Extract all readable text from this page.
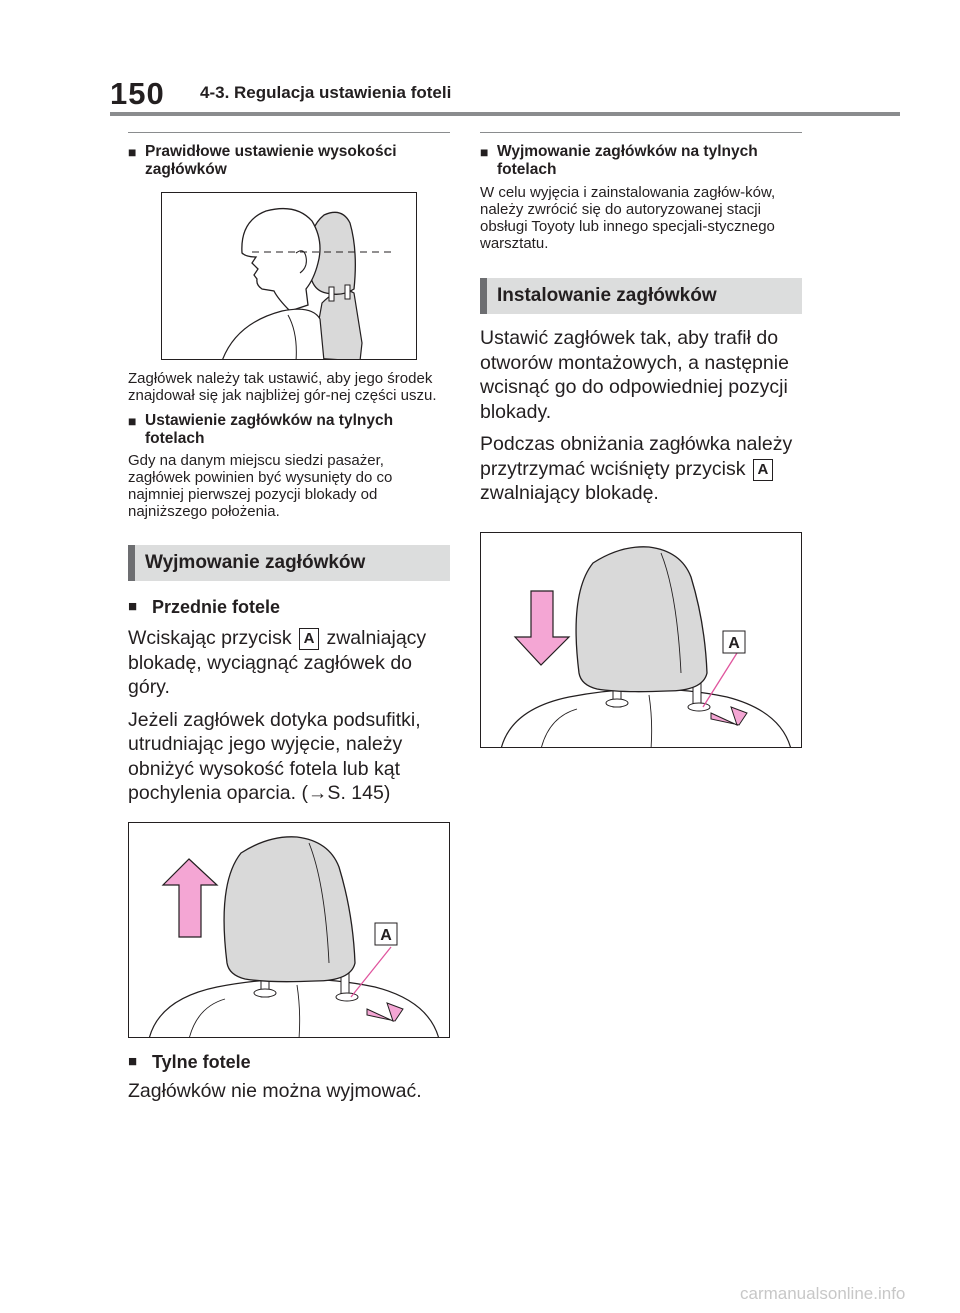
150 4-3. Regulacja ustawienia foteli
■ Prawidłowe ustawienie wysokości zagłówków
Zagłówek należy tak ustawić, aby jego środek znajdował się jak najbliżej gór-nej części uszu.
■ Ustawienie zagłówków na tylnych fotelach
Gdy na danym miejscu siedzi pasażer, zagłówek powinien być wysunięty do co najmniej pierwszej pozycji blokady od najniższego położenia.
Wyjmowanie zagłówków
■ Przednie fotele
Wciskając przycisk A zwalniający blokadę, wyciągnąć zagłówek do góry.
Jeżeli zagłówek dotyka podsufitki, utrudniając jego wyjęcie, należy obniżyć wysokość fotela lub kąt pochylenia oparcia. (→S. 145)
A
■ Tylne fotele
Zagłówków nie można wyjmować.
■ Wyjmowanie zagłówków na tylnych fotelach
W celu wyjęcia i zainstalowania zagłów-ków, należy zwrócić się do autoryzowanej stacji obsługi Toyoty lub innego specjali-stycznego warsztatu.
Instalowanie zagłówków
Ustawić zagłówek tak, aby trafił do otworów montażowych, a następnie wcisnąć go do odpowiedniej pozycji blokady.
Podczas obniżania zagłówka należy przytrzymać wciśnięty przycisk A zwalniający blokadę.
A
carmanualsonline.info
